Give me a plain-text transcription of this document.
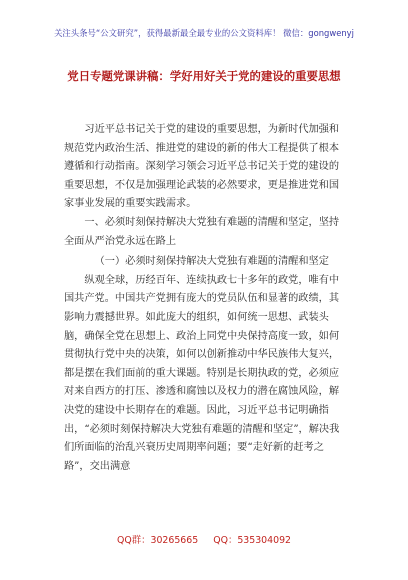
关注头条号“公文研究”，获得最新最全最专业的公文资料库！ 微信：gongwenyj
党日专题党课讲稿：学好用好关于党的建设的重要思想

习近平总书记关于党的建设的重要思想，为新时代加强和规范党内政治生活、推进党的建设的新的伟大工程提供了根本遵循和行动指南。深刻学习领会习近平总书记关于党的建设的重要思想，不仅是加强理论武装的必然要求，更是推进党和国家事业发展的重要实践需求。

一、必须时刻保持解决大党独有难题的清醒和坚定，坚持全面从严治党永远在路上

（一）必须时刻保持解决大党独有难题的清醒和坚定

纵观全球，历经百年、连续执政七十多年的政党，唯有中国共产党。中国共产党拥有庞大的党员队伍和显著的政绩，其影响力震撼世界。如此庞大的组织，如何统一思想、武装头脑，确保全党在思想上、政治上同党中央保持高度一致，如何贯彻执行党中央的决策，如何以创新推动中华民族伟大复兴，都是摆在我们面前的重大课题。特别是长期执政的党，必须应对来自西方的打压、渗透和腐蚀以及权力的潜在腐蚀风险，解决党的建设中长期存在的难题。因此，习近平总书记明确指出，“必须时刻保持解决大党独有难题的清醒和坚定”，解决我们所面临的治乱兴衰历史周期率问题；要“走好新的赶考之路”，交出满意

QQ群：30265665 QQ：535304092
